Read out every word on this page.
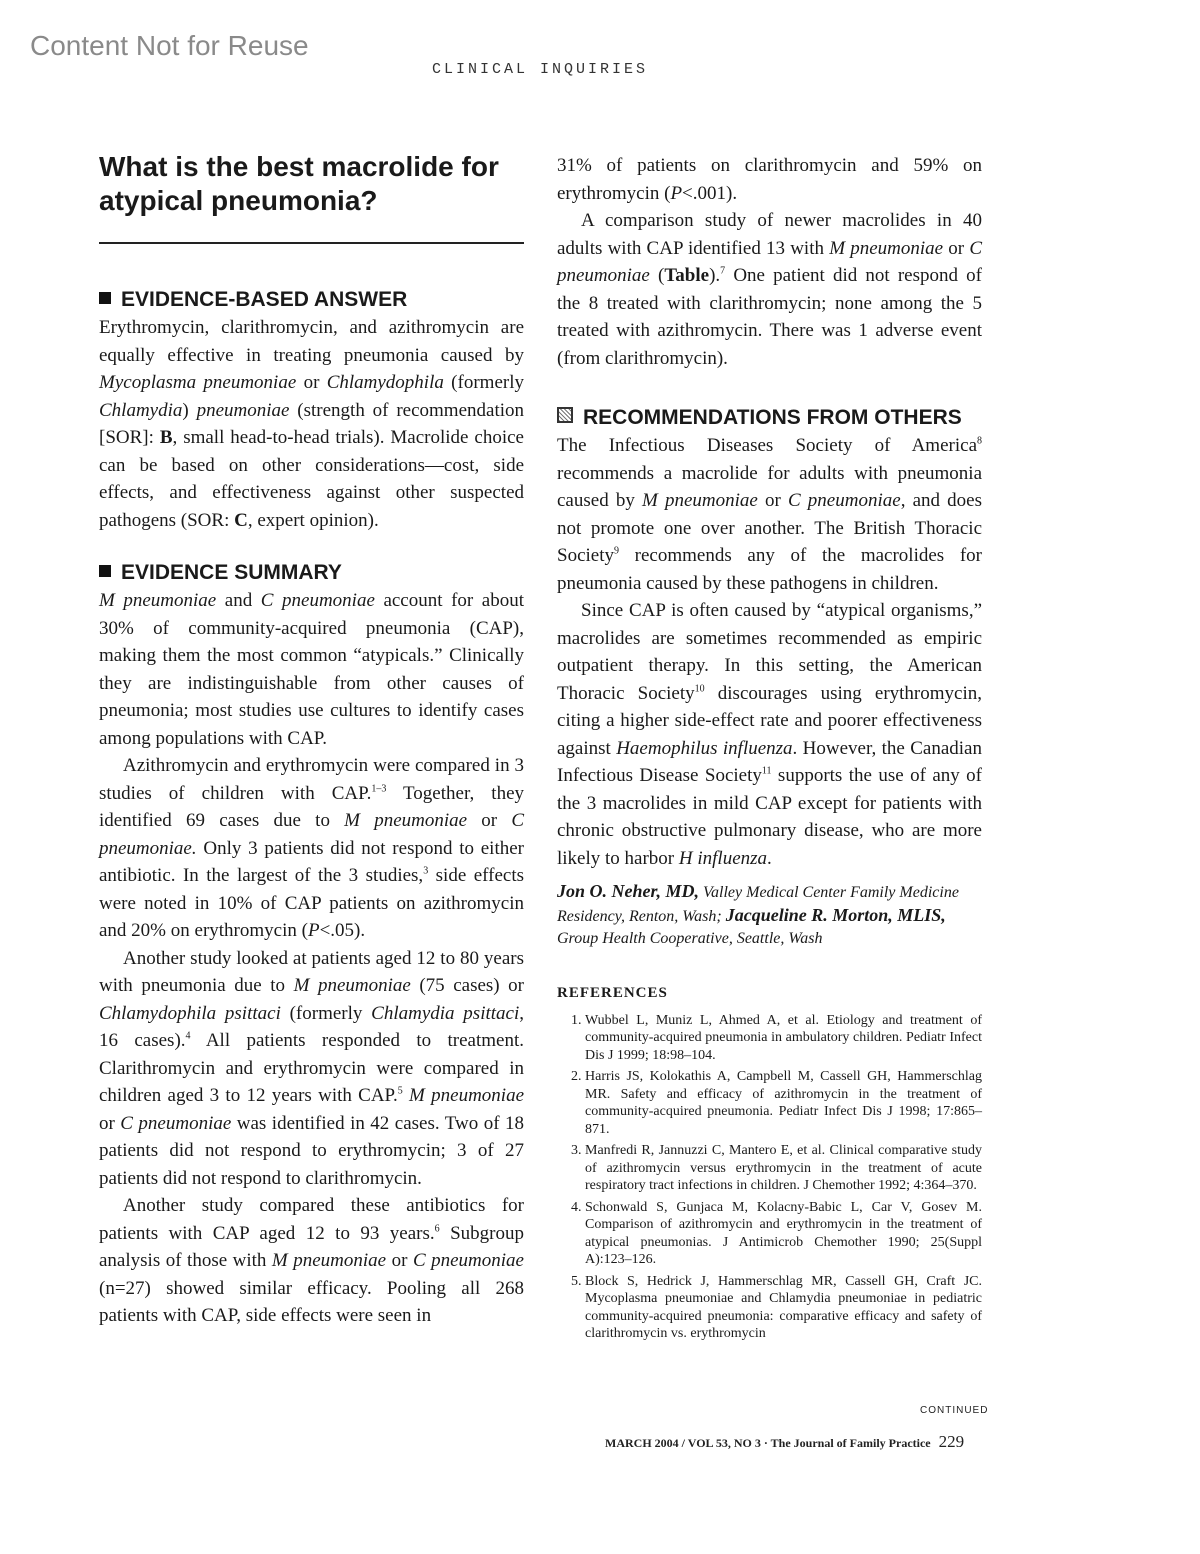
Content Not for Reuse
CLINICAL INQUIRIES
What is the best macrolide for atypical pneumonia?
EVIDENCE-BASED ANSWER

Erythromycin, clarithromycin, and azithromycin are equally effective in treating pneumonia caused by Mycoplasma pneumoniae or Chlamydophila (formerly Chlamydia) pneumoniae (strength of recommendation [SOR]: B, small head-to-head trials). Macrolide choice can be based on other considerations—cost, side effects, and effectiveness against other suspected pathogens (SOR: C, expert opinion).

EVIDENCE SUMMARY

M pneumoniae and C pneumoniae account for about 30% of community-acquired pneumonia (CAP), making them the most common “atypicals.” Clinically they are indistinguishable from other causes of pneumonia; most studies use cultures to identify cases among populations with CAP.

Azithromycin and erythromycin were compared in 3 studies of children with CAP.$^{1-3}$ Together, they identified 69 cases due to M pneumoniae or C pneumoniae. Only 3 patients did not respond to either antibiotic. In the largest of the 3 studies,$^3$ side effects were noted in 10% of CAP patients on azithromycin and 20% on erythromycin (P<.05).

Another study looked at patients aged 12 to 80 years with pneumonia due to M pneumoniae (75 cases) or Chlamydophila psittaci (formerly Chlamydia psittaci, 16 cases).$^4$ All patients responded to treatment. Clarithromycin and erythromycin were compared in children aged 3 to 12 years with CAP.$^5$ M pneumoniae or C pneumoniae was identified in 42 cases. Two of 18 patients did not respond to erythromycin; 3 of 27 patients did not respond to clarithromycin.

Another study compared these antibiotics for patients with CAP aged 12 to 93 years.$^6$ Subgroup analysis of those with M pneumoniae or C pneumoniae (n=27) showed similar efficacy. Pooling all 268 patients with CAP, side effects were seen in

31% of patients on clarithromycin and 59% on erythromycin (P<.001).

A comparison study of newer macrolides in 40 adults with CAP identified 13 with M pneumoniae or C pneumoniae (Table).$^7$ One patient did not respond of the 8 treated with clarithromycin; none among the 5 treated with azithromycin. There was 1 adverse event (from clarithromycin).

RECOMMENDATIONS FROM OTHERS

The Infectious Diseases Society of America$^8$ recommends a macrolide for adults with pneumonia caused by M pneumoniae or C pneumoniae, and does not promote one over another. The British Thoracic Society$^9$ recommends any of the macrolides for pneumonia caused by these pathogens in children.

Since CAP is often caused by “atypical organisms,” macrolides are sometimes recommended as empiric outpatient therapy. In this setting, the American Thoracic Society$^{10}$ discourages using erythromycin, citing a higher side-effect rate and poorer effectiveness against Haemophilus influenza. However, the Canadian Infectious Disease Society$^{11}$ supports the use of any of the 3 macrolides in mild CAP except for patients with chronic obstructive pulmonary disease, who are more likely to harbor H influenza.

Jon O. Neher, MD, Valley Medical Center Family Medicine Residency, Renton, Wash; Jacqueline R. Morton, MLIS, Group Health Cooperative, Seattle, Wash
REFERENCES
1. Wubbel L, Muniz L, Ahmed A, et al. Etiology and treatment of community-acquired pneumonia in ambulatory children. Pediatr Infect Dis J 1999; 18:98–104.
2. Harris JS, Kolokathis A, Campbell M, Cassell GH, Hammerschlag MR. Safety and efficacy of azithromycin in the treatment of community-acquired pneumonia. Pediatr Infect Dis J 1998; 17:865–871.
3. Manfredi R, Jannuzzi C, Mantero E, et al. Clinical comparative study of azithromycin versus erythromycin in the treatment of acute respiratory tract infections in children. J Chemother 1992; 4:364–370.
4. Schonwald S, Gunjaca M, Kolacny-Babic L, Car V, Gosev M. Comparison of azithromycin and erythromycin in the treatment of atypical pneumonias. J Antimicrob Chemother 1990; 25(Suppl A):123–126.
5. Block S, Hedrick J, Hammerschlag MR, Cassell GH, Craft JC. Mycoplasma pneumoniae and Chlamydia pneumoniae in pediatric community-acquired pneumonia: comparative efficacy and safety of clarithromycin vs. erythromycin
CONTINUED
MARCH 2004 / VOL 53, NO 3 · The Journal of Family Practice 229
